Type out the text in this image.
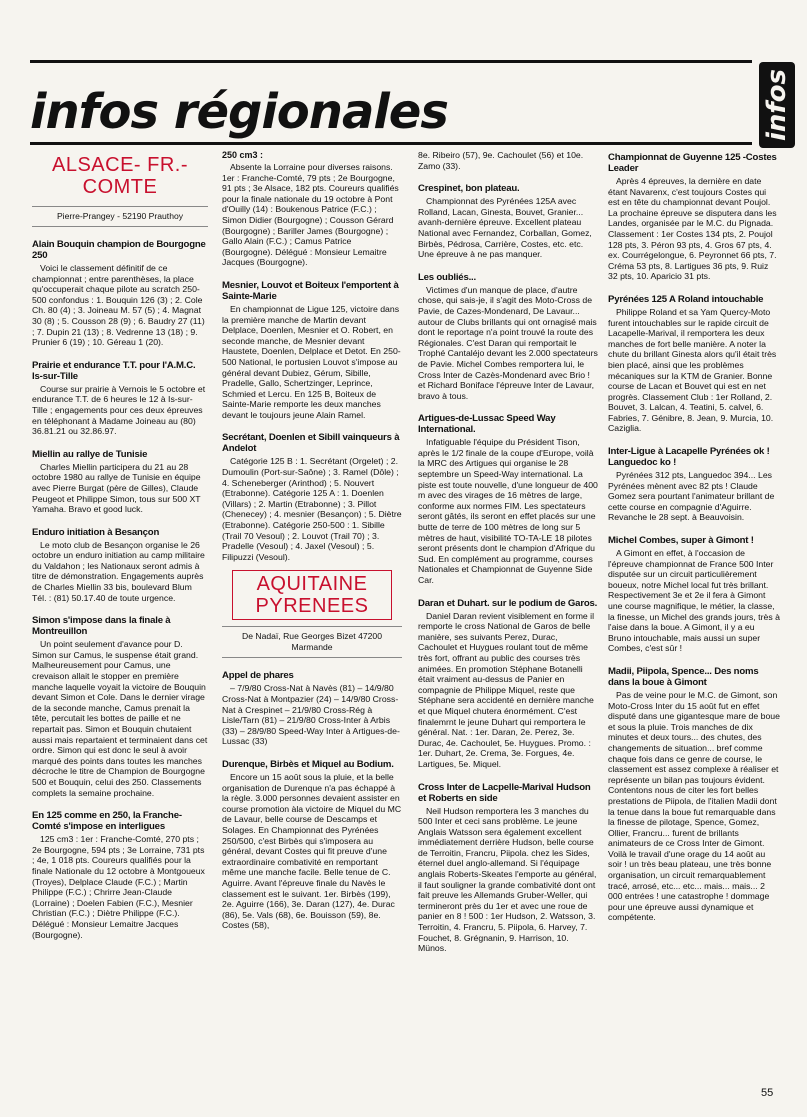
infos régionales	infos
ALSACE- FR.-COMTE
Pierre-Prangey - 52190 Prauthoy
Alain Bouquin champion de Bourgogne 250

Voici le classement définitif de ce championnat ; entre parenthèses, la place qu'occuperait chaque pilote au scratch 250-500 confondus : 1. Bouquin 126 (3) ; 2. Cole Ch. 80 (4) ; 3. Joineau M. 57 (5) ; 4. Magnat 30 (8) ; 5. Cousson 28 (9) ; 6. Baudry 27 (11) ; 7. Dupin 21 (13) ; 8. Vedrenne 13 (18) ; 9. Prunier 6 (19) ; 10. Géreau 1 (20).

Prairie et endurance T.T. pour l'A.M.C. Is-sur-Tille

Course sur prairie à Vernois le 5 octobre et endurance T.T. de 6 heures le 12 à Is-sur-Tille ; engagements pour ces deux épreuves en téléphonant à Madame Joineau au (80) 36.81.21 ou 32.86.97.

Miellin au rallye de Tunisie

Charles Miellin participera du 21 au 28 octobre 1980 au rallye de Tunisie en équipe avec Pierre Burgat (père de Gilles), Claude Peugeot et Philippe Simon, tous sur 500 XT Yamaha. Bravo et good luck.

Enduro initiation à Besançon

Le moto club de Besançon organise le 26 octobre un enduro initiation au camp militaire du Valdahon ; les Nationaux seront admis à titre de démonstration. Engagements auprès de Charles Miellin 33 bis, boulevard Blum Tél. : (81) 50.17.40 de toute urgence.

Simon s'impose dans la finale à Montreuillon

Un point seulement d'avance pour D. Simon sur Camus, le suspense était grand. Malheureusement pour Camus, une crevaison allait le stopper en première manche laquelle voyait la victoire de Bouquin devant Simon et Cole. Dans le dernier virage de la seconde manche, Camus prenait la tête, percutait les bottes de paille et ne repartait pas. Simon et Bouquin chutaient aussi mais repartaient et terminaient dans cet ordre. Simon qui est donc le seul à avoir marqué des points dans toutes les manches décroche le titre de Champion de Bourgogne 500 et Bouquin, celui des 250. Classements complets la semaine prochaine.

En 125 comme en 250, la Franche-Comté s'impose en interligues

125 cm3 : 1er : Franche-Comté, 270 pts ; 2e Bourgogne, 594 pts ; 3e Lorraine, 731 pts ; 4e, 1 018 pts. Coureurs qualifiés pour la finale Nationale du 12 octobre à Montgoueux (Troyes), Delplace Claude (F.C.) ; Martin Philippe (F.C.) ; Chrirre Jean-Claude (Lorraine) ; Doelen Fabien (F.C.), Mesnier Christian (F.C.) ; Diètre Philippe (F.C.). Délégué : Monsieur Lemaitre Jacques (Bourgogne).

250 cm3 :

Absente la Lorraine pour diverses raisons. 1er : Franche-Comté, 79 pts ; 2e Bourgogne, 91 pts ; 3e Alsace, 182 pts. Coureurs qualifiés pour la finale nationale du 19 octobre à Pont d'Ouilly (14) : Boukenous Patrice (F.C.) ; Simon Didier (Bourgogne) ; Cousson Gérard (Bourgogne) ; Bariller James (Bourgogne) ; Gallo Alain (F.C.) ; Camus Patrice (Bourgogne). Délégué : Monsieur Lemaitre Jacques (Bourgogne).

Mesnier, Louvot et Boiteux l'emportent à Sainte-Marie

En championnat de Ligue 125, victoire dans la première manche de Martin devant Delplace, Doenlen, Mesnier et O. Robert, en seconde manche, de Mesnier devant Haustete, Doenlen, Delplace et Detot. En 250-500 National, le portusien Louvot s'impose au général devant Dubiez, Gérum, Sibille, Pradelle, Gallo, Schertzinger, Leprince, Schmied et Lercu. En 125 B, Boiteux de Sainte-Marie remporte les deux manches devant le toujours jeune Alain Ramel.

Secrétant, Doenlen et Sibill vainqueurs à Andelot

Catégorie 125 B : 1. Secrétant (Orgelet) ; 2. Dumoulin (Port-sur-Saône) ; 3. Ramel (Dôle) ; 4. Scheneberger (Arinthod) ; 5. Nouvert (Etrabonne). Catégorie 125 A : 1. Doenlen (Villars) ; 2. Martin (Etrabonne) ; 3. Pillot (Chenecey) ; 4. mesnier (Besançon) ; 5. Diètre (Etrabonne). Catégorie 250-500 : 1. Sibille (Trail 70 Vesoul) ; 2. Louvot (Trail 70) ; 3. Pradelle (Vesoul) ; 4. Jaxel (Vesoul) ; 5. Filipuzzi (Vesoul).

AQUITAINE PYRENEES
De Nadaï, Rue Georges Bizet 47200 Marmande
Appel de phares

– 7/9/80 Cross-Nat à Navès (81) – 14/9/80 Cross-Nat à Montpazier (24) – 14/9/80 Cross-Nat à Crespinet – 21/9/80 Cross-Rég à Lisle/Tarn (81) – 21/9/80 Cross-Inter à Arbis (33) – 28/9/80 Speed-Way Inter à Artigues-de-Lussac (33)

Durenque, Birbès et Miquel au Bodium.

Encore un 15 août sous la pluie, et la belle organisation de Durenque n'a pas échappé à la règle. 3.000 personnes devaient assister en course promotion àla victoire de Miquel du MC de Lavaur, belle course de Descamps et Solages. En Championnat des Pyrénées 250/500, c'est Birbès qui s'imposera au général, devant Costes qui fit preuve d'une extraordinaire combativité en remportant même une manche facile. Belle tenue de C. Aguirre. Avant l'épreuve finale du Navès le classement est le suivant. 1er. Birbès (199), 2e. Aguirre (166), 3e. Daran (127), 4e. Durac (86), 5e. Vals (68), 6e. Bouisson (59), 8e. Costes (58),

8e. Ribeiro (57), 9e. Cachoulet (56) et 10e. Zamo (33).

Crespinet, bon plateau.

Championnat des Pyrénées 125A avec Rolland, Lacan, Ginesta, Bouvet, Granier... avanh-dernière épreuve. Excellent plateau National avec Fernandez, Corballan, Gomez, Birbès, Pédrosa, Carrière, Costes, etc. etc. Une épreuve à ne pas manquer.

Les oubliés...

Victimes d'un manque de place, d'autre chose, qui sais-je, il s'agit des Moto-Cross de Pavie, de Cazes-Mondenard, De Lavaur... autour de Clubs brillants qui ont ornagisé mais dont le reportage n'a point trouvé la route des Régionales. C'est Daran qui remportait le Trophé Cantaléjo devant les 2.000 spectateurs de Pavie. Michel Combes remportera lui, le Cross Inter de Cazès-Mondenard avec Brio ! et Richard Boniface l'épreuve Inter de Lavaur, bravo à tous.

Artigues-de-Lussac Speed Way International.

Infatiguable l'équipe du Président Tison, après le 1/2 finale de la coupe d'Europe, voilà la MRC des Artigues qui organise le 28 septembre un Speed-Way international. La piste est toute nouvelle, d'une longueur de 400 m avec des virages de 16 mètres de large, conforme aux normes FIM. Les spectateurs seront gâtés, ils seront en effet placés sur une butte de terre de 100 mètres de long sur 5 mètres de haut, visibilité TO-TA-LE 18 pilotes seront présents dont le champion d'Afrique du Sud. En complément au programme, courses Nationales et Championnat de Guyenne Side Car.

Daran et Duhart. sur le podium de Garos.

Daniel Daran revient visiblement en forme il remporte le cross National de Garos de belle manière, ses suivants Perez, Durac, Cachoulet et Huygues roulant tout de même très fort, offrant au public des courses très animées. En promotion Stéphane Botanelli était vraiment au-dessus de Panier en compagnie de Philippe Miquel, reste que Stéphane sera accidenté en dernière manche et que Miquel chutera énormément. C'est finalemrnt le jeune Duhart qui remportera le général. Nat. : 1er. Daran, 2e. Perez, 3e. Durac, 4e. Cachoulet, 5e. Huygues. Promo. : 1er. Duhart, 2e. Crema, 3e. Forgues, 4e. Lartigues, 5e. Miquel.

Cross Inter de Lacpelle-Marival Hudson et Roberts en side

Neil Hudson remportera les 3 manches du 500 Inter et ceci sans problème. Le jeune Anglais Watsson sera également excellent immédiatement derrière Hudson, belle course de Terroitin, Francru, Piipola. chez les Sides, éternel duel anglo-allemand. Si l'équipage anglais Roberts-Skeates l'emporte au général, il faut souligner la grande combativité dont ont fait preuve les Allemands Gruber-Weller, qui termineront près du 1er et avec une roue de panier en 8 ! 500 : 1er Hudson, 2. Watsson, 3. Terroitin, 4. Francru, 5. Piipola, 6. Harvey, 7. Fouchet, 8. Grégnanin, 9. Harrison, 10. Münos.

Championnat de Guyenne 125 -Costes Leader

Après 4 épreuves, la dernière en date étant Navarenx, c'est toujours Costes qui est en tête du championnat devant Poujol. La prochaine épreuve se disputera dans les Landes, organisée par le M.C. du Pignada. Classement : 1er Costes 134 pts, 2. Poujol 128 pts, 3. Péron 93 pts, 4. Gros 67 pts, 4. ex. Courrégelongue, 6. Peyronnet 66 pts, 7. Créma 53 pts, 8. Lartigues 36 pts, 9. Ruiz 32 pts, 10. Aparicio 31 pts.

Pyrénées 125 A Roland intouchable

Philippe Roland et sa Yam Quercy-Moto furent intouchables sur le rapide circuit de Lacapelle-Marival, il remportera les deux manches de fort belle manière. A noter la chute du brillant Ginesta alors qu'il était très bien placé, ainsi que les problèmes mécaniques sur la KTM de Granier. Bonne course de Lacan et Bouvet qui est en net progrès. Classement Club : 1er Rolland, 2. Bouvet, 3. Lalcan, 4. Teatini, 5. calvel, 6. Fabries, 7. Génibre, 8. Jean, 9. Murcia, 10. Caziglia.

Inter-Ligue à Lacapelle Pyrénées ok ! Languedoc ko !

Pyrénées 312 pts, Languedoc 394... Les Pyrénées mènent avec 82 pts ! Claude Gomez sera pourtant l'animateur brillant de cette course en compagnie d'Aguirre. Revanche le 28 sept. à Beauvoisin.

Michel Combes, super à Gimont !

A Gimont en effet, à l'occasion de l'épreuve championnat de France 500 Inter disputée sur un circuit particulièrement boueux, notre Michel local fut très brillant. Respectivement 3e et 2e il fera à Gimont une course magnifique, le métier, la classe, la finesse, un Michel des grands jours, très à l'aise dans la boue. A Gimont, il y a eu Bruno intouchable, mais aussi un super Combes, c'est sûr !

Madii, Piipola, Spence... Des noms dans la boue à Gimont

Pas de veine pour le M.C. de Gimont, son Moto-Cross Inter du 15 août fut en effet disputé dans une gigantesque mare de boue et sous la pluie. Trois manches de dix minutes et deux tours... des chutes, des changements de situation... bref comme chaque fois dans ce genre de course, le classement est assez complexe à réaliser et représente un bilan pas toujours évident. Contentons nous de citer les fort belles prestations de Piipola, de l'italien Madii dont la tenue dans la boue fut remarquable dans la finesse de pilotage, Spence, Gomez, Ollier, Francru... furent de brillants animateurs de ce Cross Inter de Gimont. Voilà le travail d'une orage du 14 août au soir ! un très beau plateau, une très bonne organisation, un circuit remarquablement tracé, arrosé, etc... etc... mais... mais... 2 000 entrées ! une catastrophe ! dommage pour une épreuve aussi dynamique et compétente.

55
